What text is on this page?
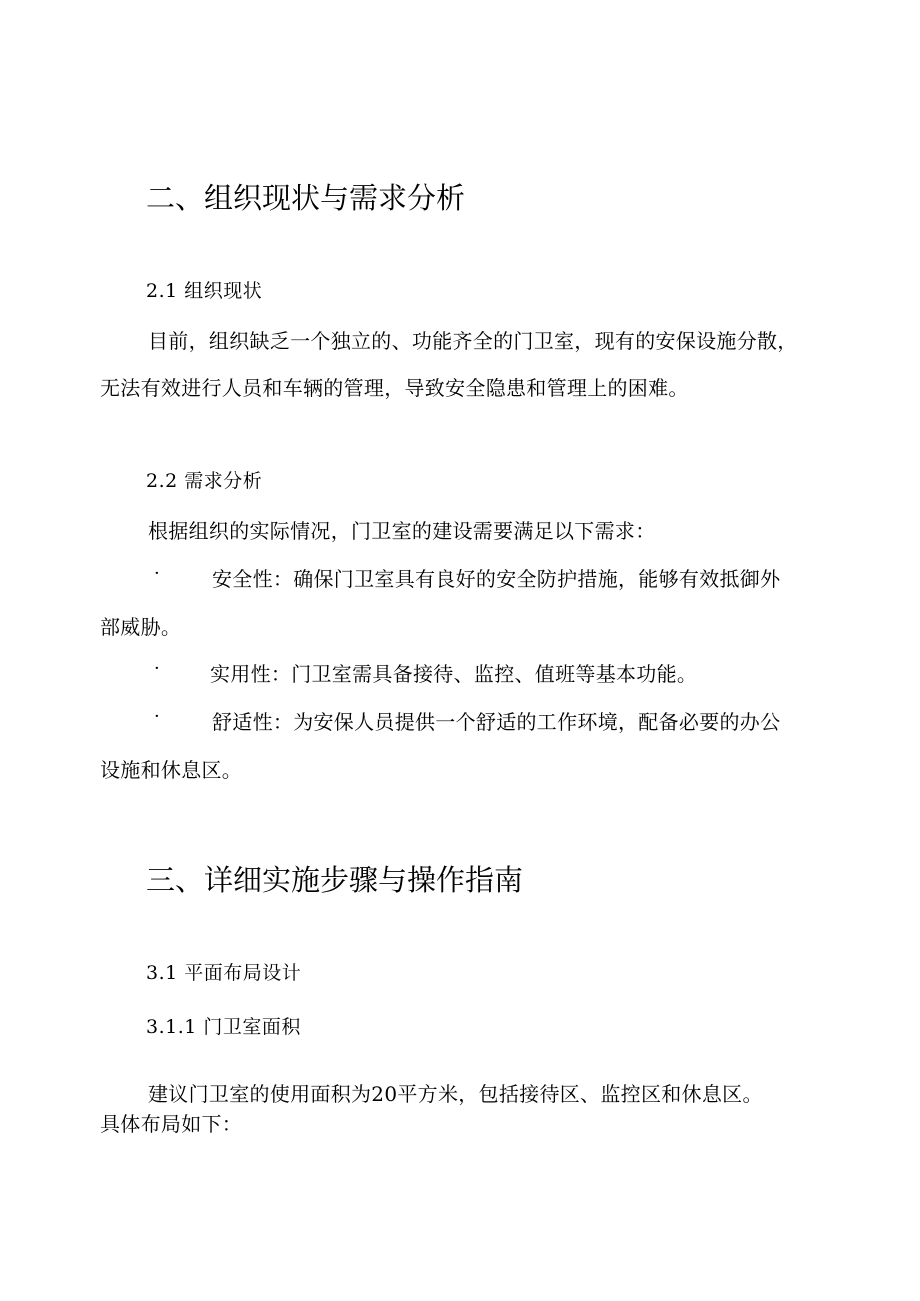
二、组织现状与需求分析
2.1 组织现状
目前，组织缺乏一个独立的、功能齐全的门卫室，现有的安保设施分散，
无法有效进行人员和车辆的管理，导致安全隐患和管理上的困难。
2.2 需求分析
根据组织的实际情况，门卫室的建设需要满足以下需求：
·	安全性：确保门卫室具有良好的安全防护措施，能够有效抵御外
部威胁。
·	实用性：门卫室需具备接待、监控、值班等基本功能。
·	舒适性：为安保人员提供一个舒适的工作环境，配备必要的办公
设施和休息区。
三、详细实施步骤与操作指南
3.1 平面布局设计
3.1.1 门卫室面积
建议门卫室的使用面积为20平方米，包括接待区、监控区和休息区。
具体布局如下：
